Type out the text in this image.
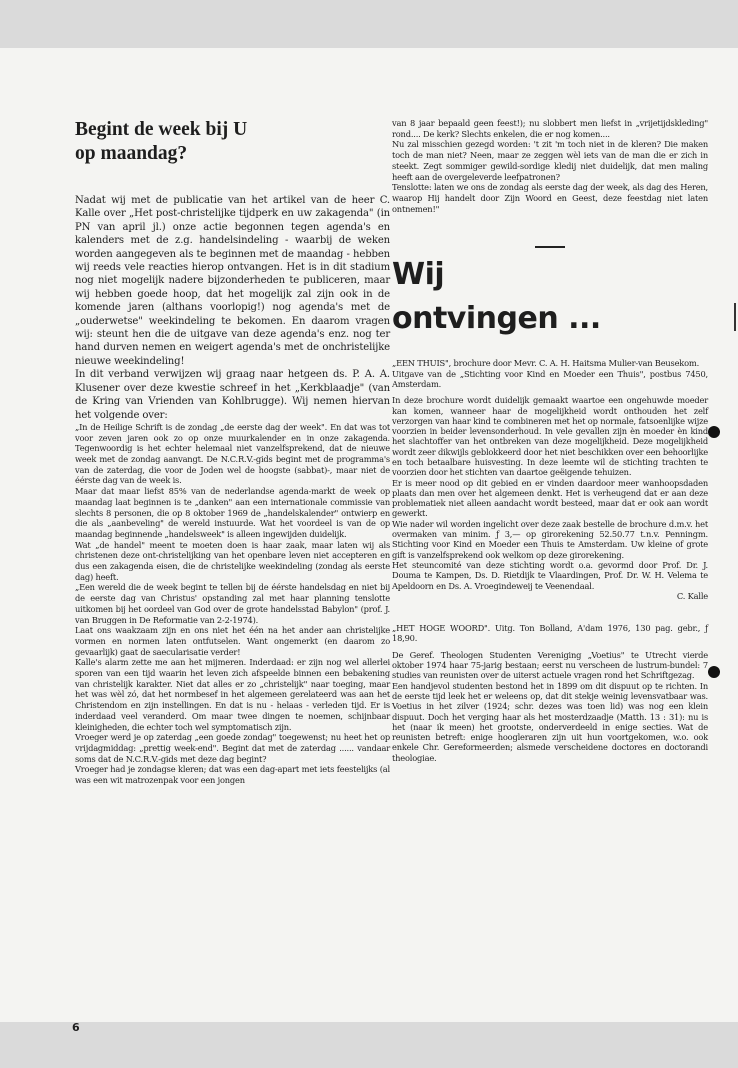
Begint de week bij U
op maandag?

Nadat wij met de publicatie van het artikel van de heer C. Kalle over „Het post-christelijke tijdperk en uw zakagenda" (in PN van april jl.) onze actie begonnen tegen agenda's en kalenders met de z.g. handelsindeling - waarbij de weken worden aangegeven als te beginnen met de maandag - hebben wij reeds vele reacties hierop ontvangen. Het is in dit stadium nog niet mogelijk nadere bijzonderheden te publiceren, maar wij hebben goede hoop, dat het mogelijk zal zijn ook in de komende jaren (althans voorlopig!) nog agenda's met de „ouderwetse" weekindeling te bekomen. En daarom vragen wij: steunt hen die de uitgave van deze agenda's enz. nog ter hand durven nemen en weigert agenda's met de onchristelijke nieuwe weekindeling!

In dit verband verwijzen wij graag naar hetgeen ds. P. A. A. Klusener over deze kwestie schreef in het „Kerkblaadje" (van de Kring van Vrienden van Kohlbrugge). Wij nemen hiervan het volgende over:

„In de Heilige Schrift is de zondag „de eerste dag der week". En dat was tot voor zeven jaren ook zo op onze muurkalender en in onze zakagenda. Tegenwoordig is het echter helemaal niet vanzelfsprekend, dat de nieuwe week met de zondag aanvangt. De N.C.R.V.-gids begint met de programma's van de zaterdag, die voor de Joden wel de hoogste (sabbat)-, maar niet de éérste dag van de week is.

Maar dat maar liefst 85% van de nederlandse agenda-markt de week op maandag laat beginnen is te „danken" aan een internationale commissie van slechts 8 personen, die op 8 oktober 1969 de „handelskalender" ontwierp en die als „aanbeveling" de wereld instuurde. Wat het voordeel is van de op maandag beginnende „handelsweek" is alleen ingewijden duidelijk.

Wat „de handel" meent te moeten doen is haar zaak, maar laten wij als christenen deze ont-christelijking van het openbare leven niet accepteren en dus een zakagenda eisen, die de christelijke weekindeling (zondag als eerste dag) heeft.

„Een wereld die de week begint te tellen bij de éérste handelsdag en niet bij de eerste dag van Christus' opstanding zal met haar planning tenslotte uitkomen bij het oordeel van God over de grote handelsstad Babylon" (prof. J. van Bruggen in De Reformatie van 2-2-1974).

Laat ons waakzaam zijn en ons niet het één na het ander aan christelijke vormen en normen laten ontfutselen. Want ongemerkt (en daarom zo gevaarlijk) gaat de saecularisatie verder!

Kalle's alarm zette me aan het mijmeren. Inderdaad: er zijn nog wel allerlei sporen van een tijd waarin het leven zich afspeelde binnen een bebakening van christelijk karakter. Niet dat alles er zo „christelijk" naar toeging, maar het was wèl zó, dat het normbesef in het algemeen gerelateerd was aan het Christendom en zijn instellingen. En dat is nu - helaas - verleden tijd. Er is inderdaad veel veranderd. Om maar twee dingen te noemen, schijnbaar kleinigheden, die echter toch wel symptomatisch zijn.

Vroeger werd je op zaterdag „een goede zondag" toegewenst; nu heet het op vrijdagmiddag: „prettig week-end". Begint dat met de zaterdag ...... vandaar soms dat de N.C.R.V.-gids met deze dag begint?

Vroeger had je zondagse kleren; dat was een dag-apart met iets feestelijks (al was een wit matrozenpak voor een jongen

van 8 jaar bepaald geen feest!); nu slobbert men liefst in „vrijetijdskleding" rond.... De kerk? Slechts enkelen, die er nog komen....

Nu zal misschien gezegd worden: 't zit 'm toch niet in de kleren? Die maken toch de man niet? Neen, maar ze zeggen wèl iets van de man die er zich in steekt. Zegt sommiger gewild-sordige kledij niet duidelijk, dat men maling heeft aan de overgeleverde leefpatronen?

Tenslotte: laten we ons de zondag als eerste dag der week, als dag des Heren, waarop Hij handelt door Zijn Woord en Geest, deze feestdag niet laten ontnemen!"

Wij
ontvingen ...

„EEN THUIS", brochure door Mevr. C. A. H. Haitsma Mulier-van Beusekom.

Uitgave van de „Stichting voor Kind en Moeder een Thuis", postbus 7450, Amsterdam.

In deze brochure wordt duidelijk gemaakt waartoe een ongehuwde moeder kan komen, wanneer haar de mogelijkheid wordt onthouden het zelf verzorgen van haar kind te combineren met het op normale, fatsoenlijke wijze voorzien in beider levensonderhoud. In vele gevallen zijn èn moeder èn kind het slachtoffer van het ontbreken van deze mogelijkheid. Deze mogelijkheid wordt zeer dikwijls geblokkeerd door het niet beschikken over een behoorlijke en toch betaalbare huisvesting. In deze leemte wil de stichting trachten te voorzien door het stichten van daartoe geëigende tehuizen.

Er is meer nood op dit gebied en er vinden daardoor meer wanhoopsdaden plaats dan men over het algemeen denkt. Het is verheugend dat er aan deze problematiek niet alleen aandacht wordt besteed, maar dat er ook aan wordt gewerkt.

Wie nader wil worden ingelicht over deze zaak bestelle de brochure d.m.v. het overmaken van minim. ƒ 3,— op girorekening 52.50.77 t.n.v. Penningm. Stichting voor Kind en Moeder een Thuis te Amsterdam. Uw kleine of grote gift is vanzelfsprekend ook welkom op deze girorekening.

Het steuncomité van deze stichting wordt o.a. gevormd door Prof. Dr. J. Douma te Kampen, Ds. D. Rietdijk te Vlaardingen, Prof. Dr. W. H. Velema te Apeldoorn en Ds. A. Vroegindeweij te Veenendaal.

C. Kalle

„HET HOGE WOORD". Uitg. Ton Bolland, A'dam 1976, 130 pag. gebr., ƒ 18,90.

De Geref. Theologen Studenten Vereniging „Voetius" te Utrecht vierde oktober 1974 haar 75-jarig bestaan; eerst nu verscheen de lustrum-bundel: 7 studies van reunisten over de uiterst actuele vragen rond het Schriftgezag.

Een handjevol studenten bestond het in 1899 om dit dispuut op te richten. In de eerste tijd leek het er weleens op, dat dit stekje weinig levensvatbaar was. Voetius in het zilver (1924; schr. dezes was toen lid) was nog een klein dispuut. Doch het verging haar als het mosterdzaadje (Matth. 13 : 31): nu is het (naar ik meen) het grootste, onderverdeeld in enige secties. Wat de reunisten betreft: enige hoogleraren zijn uit hun voortgekomen, w.o. ook enkele Chr. Gereformeerden; alsmede verscheidene doctores en doctorandi theologiae.

6
